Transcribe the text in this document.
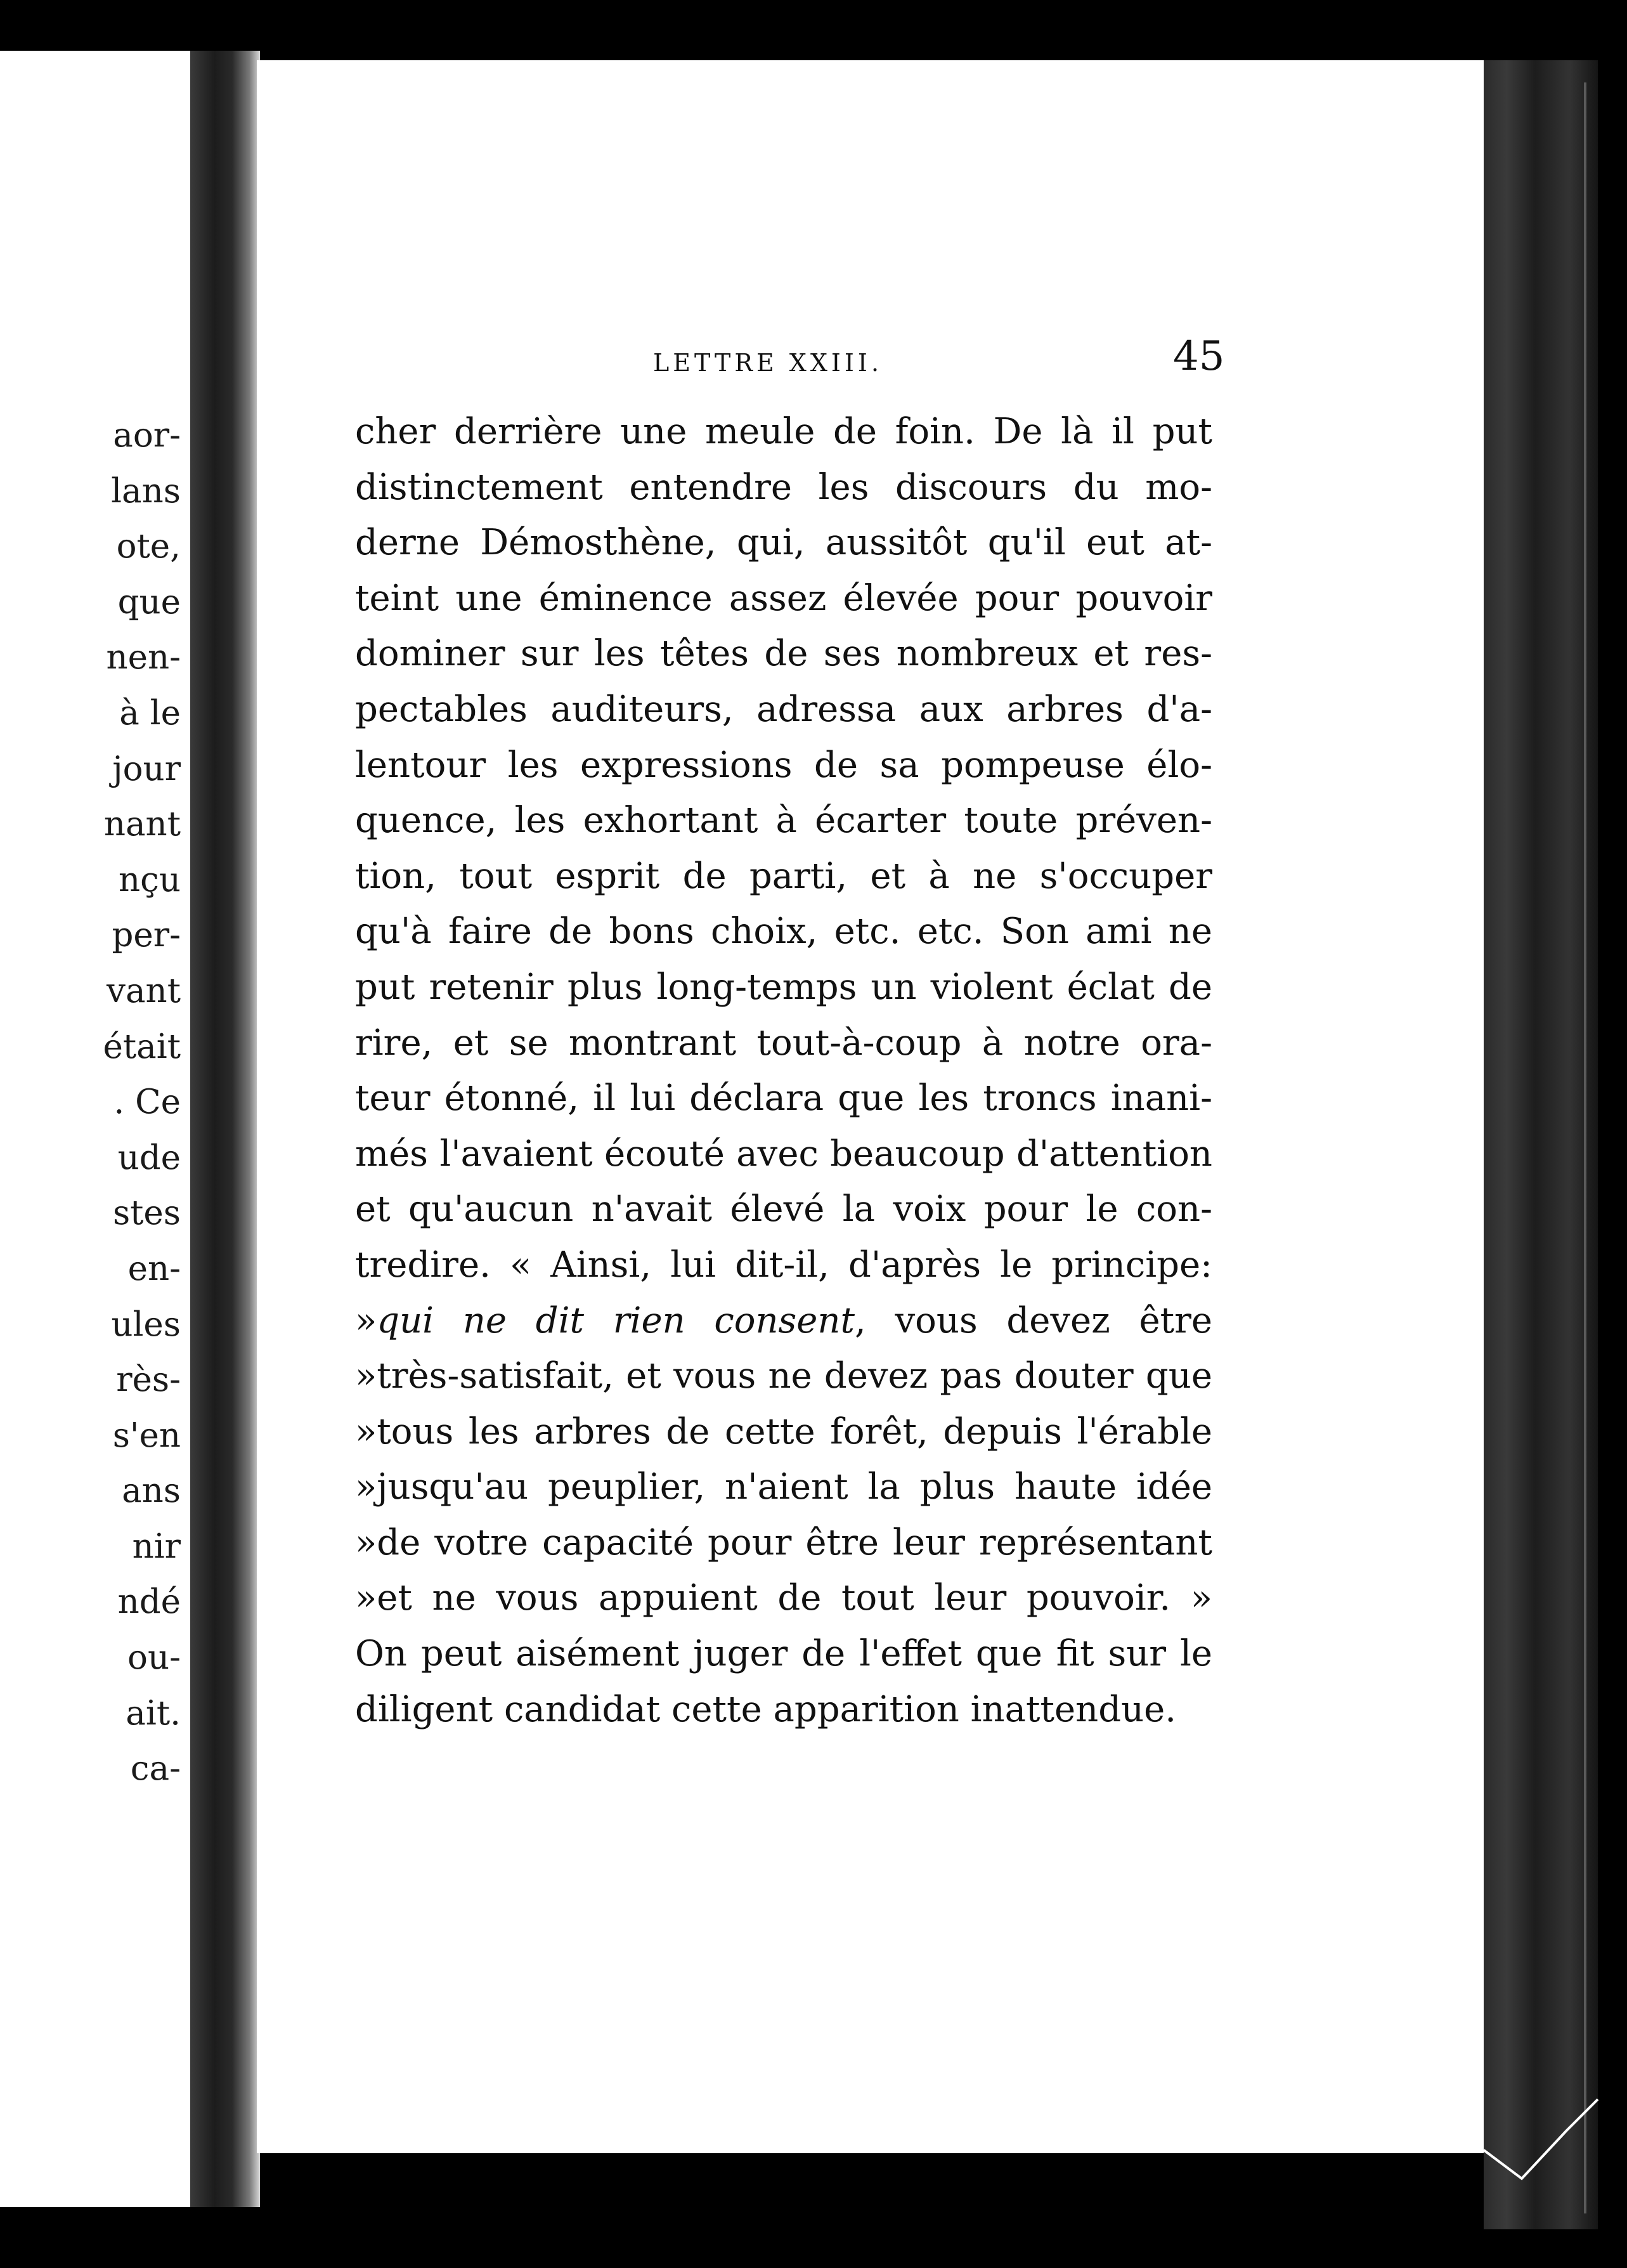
aor-
lans
ote,
que
nen-
à le
jour
nant
nçu
per-
vant
était
. Ce
ude
stes
en-
ules
rès-
s'en
ans
nir
ndé
ou-
ait.
ca-
LETTRE XXIII.	45
cher derrière une meule de foin. De là il put
distinctement entendre les discours du mo-
derne Démosthène, qui, aussitôt qu'il eut at-
teint une éminence assez élevée pour pouvoir
dominer sur les têtes de ses nombreux et res-
pectables auditeurs, adressa aux arbres d'a-
lentour les expressions de sa pompeuse élo-
quence, les exhortant à écarter toute préven-
tion, tout esprit de parti, et à ne s'occuper
qu'à faire de bons choix, etc. etc. Son ami ne
put retenir plus long-temps un violent éclat de
rire, et se montrant tout-à-coup à notre ora-
teur étonné, il lui déclara que les troncs inani-
més l'avaient écouté avec beaucoup d'attention
et qu'aucun n'avait élevé la voix pour le con-
tredire. « Ainsi, lui dit-il, d'après le principe:
»qui ne dit rien consent, vous devez être
»très-satisfait, et vous ne devez pas douter que
»tous les arbres de cette forêt, depuis l'érable
»jusqu'au peuplier, n'aient la plus haute idée
»de votre capacité pour être leur représentant
»et ne vous appuient de tout leur pouvoir. »
On peut aisément juger de l'effet que fit sur le
diligent candidat cette apparition inattendue.
